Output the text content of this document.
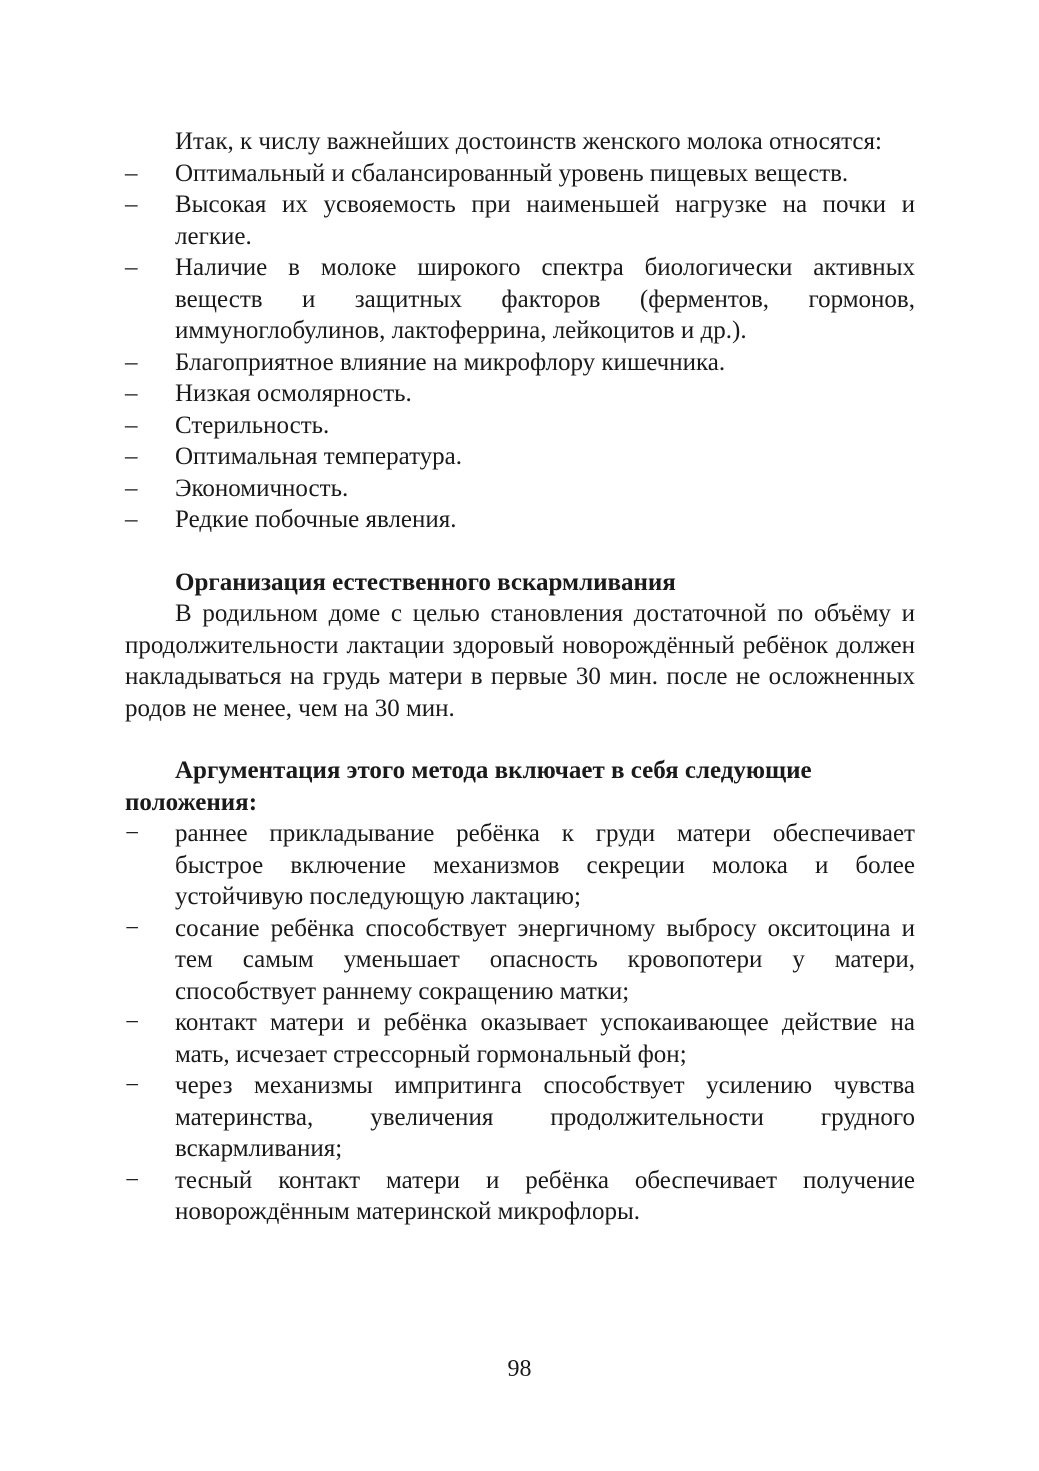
Итак, к числу важнейших достоинств женского молока относятся:

– Оптимальный и сбалансированный уровень пищевых веществ.
– Высокая их усвояемость при наименьшей нагрузке на почки и легкие.
– Наличие в молоке широкого спектра биологически активных веществ и защитных факторов (ферментов, гормонов, иммуноглобулинов, лактоферрина, лейкоцитов и др.).
– Благоприятное влияние на микрофлору кишечника.
– Низкая осмолярность.
– Стерильность.
– Оптимальная температура.
– Экономичность.
– Редкие побочные явления.

Организация естественного вскармливания

В родильном доме с целью становления достаточной по объёму и продолжительности лактации здоровый новорождённый ребёнок должен накладываться на грудь матери в первые 30 мин. после не осложненных родов не менее, чем на 30 мин.

Аргументация этого метода включает в себя следующие положения:

− раннее прикладывание ребёнка к груди матери обеспечивает быстрое включение механизмов секреции молока и более устойчивую последующую лактацию;
− сосание ребёнка способствует энергичному выбросу окситоцина и тем самым уменьшает опасность кровопотери у матери, способствует раннему сокращению матки;
− контакт матери и ребёнка оказывает успокаивающее действие на мать, исчезает стрессорный гормональный фон;
− через механизмы импритинга способствует усилению чувства материнства, увеличения продолжительности грудного вскармливания;
− тесный контакт матери и ребёнка обеспечивает получение новорождённым материнской микрофлоры.
98
